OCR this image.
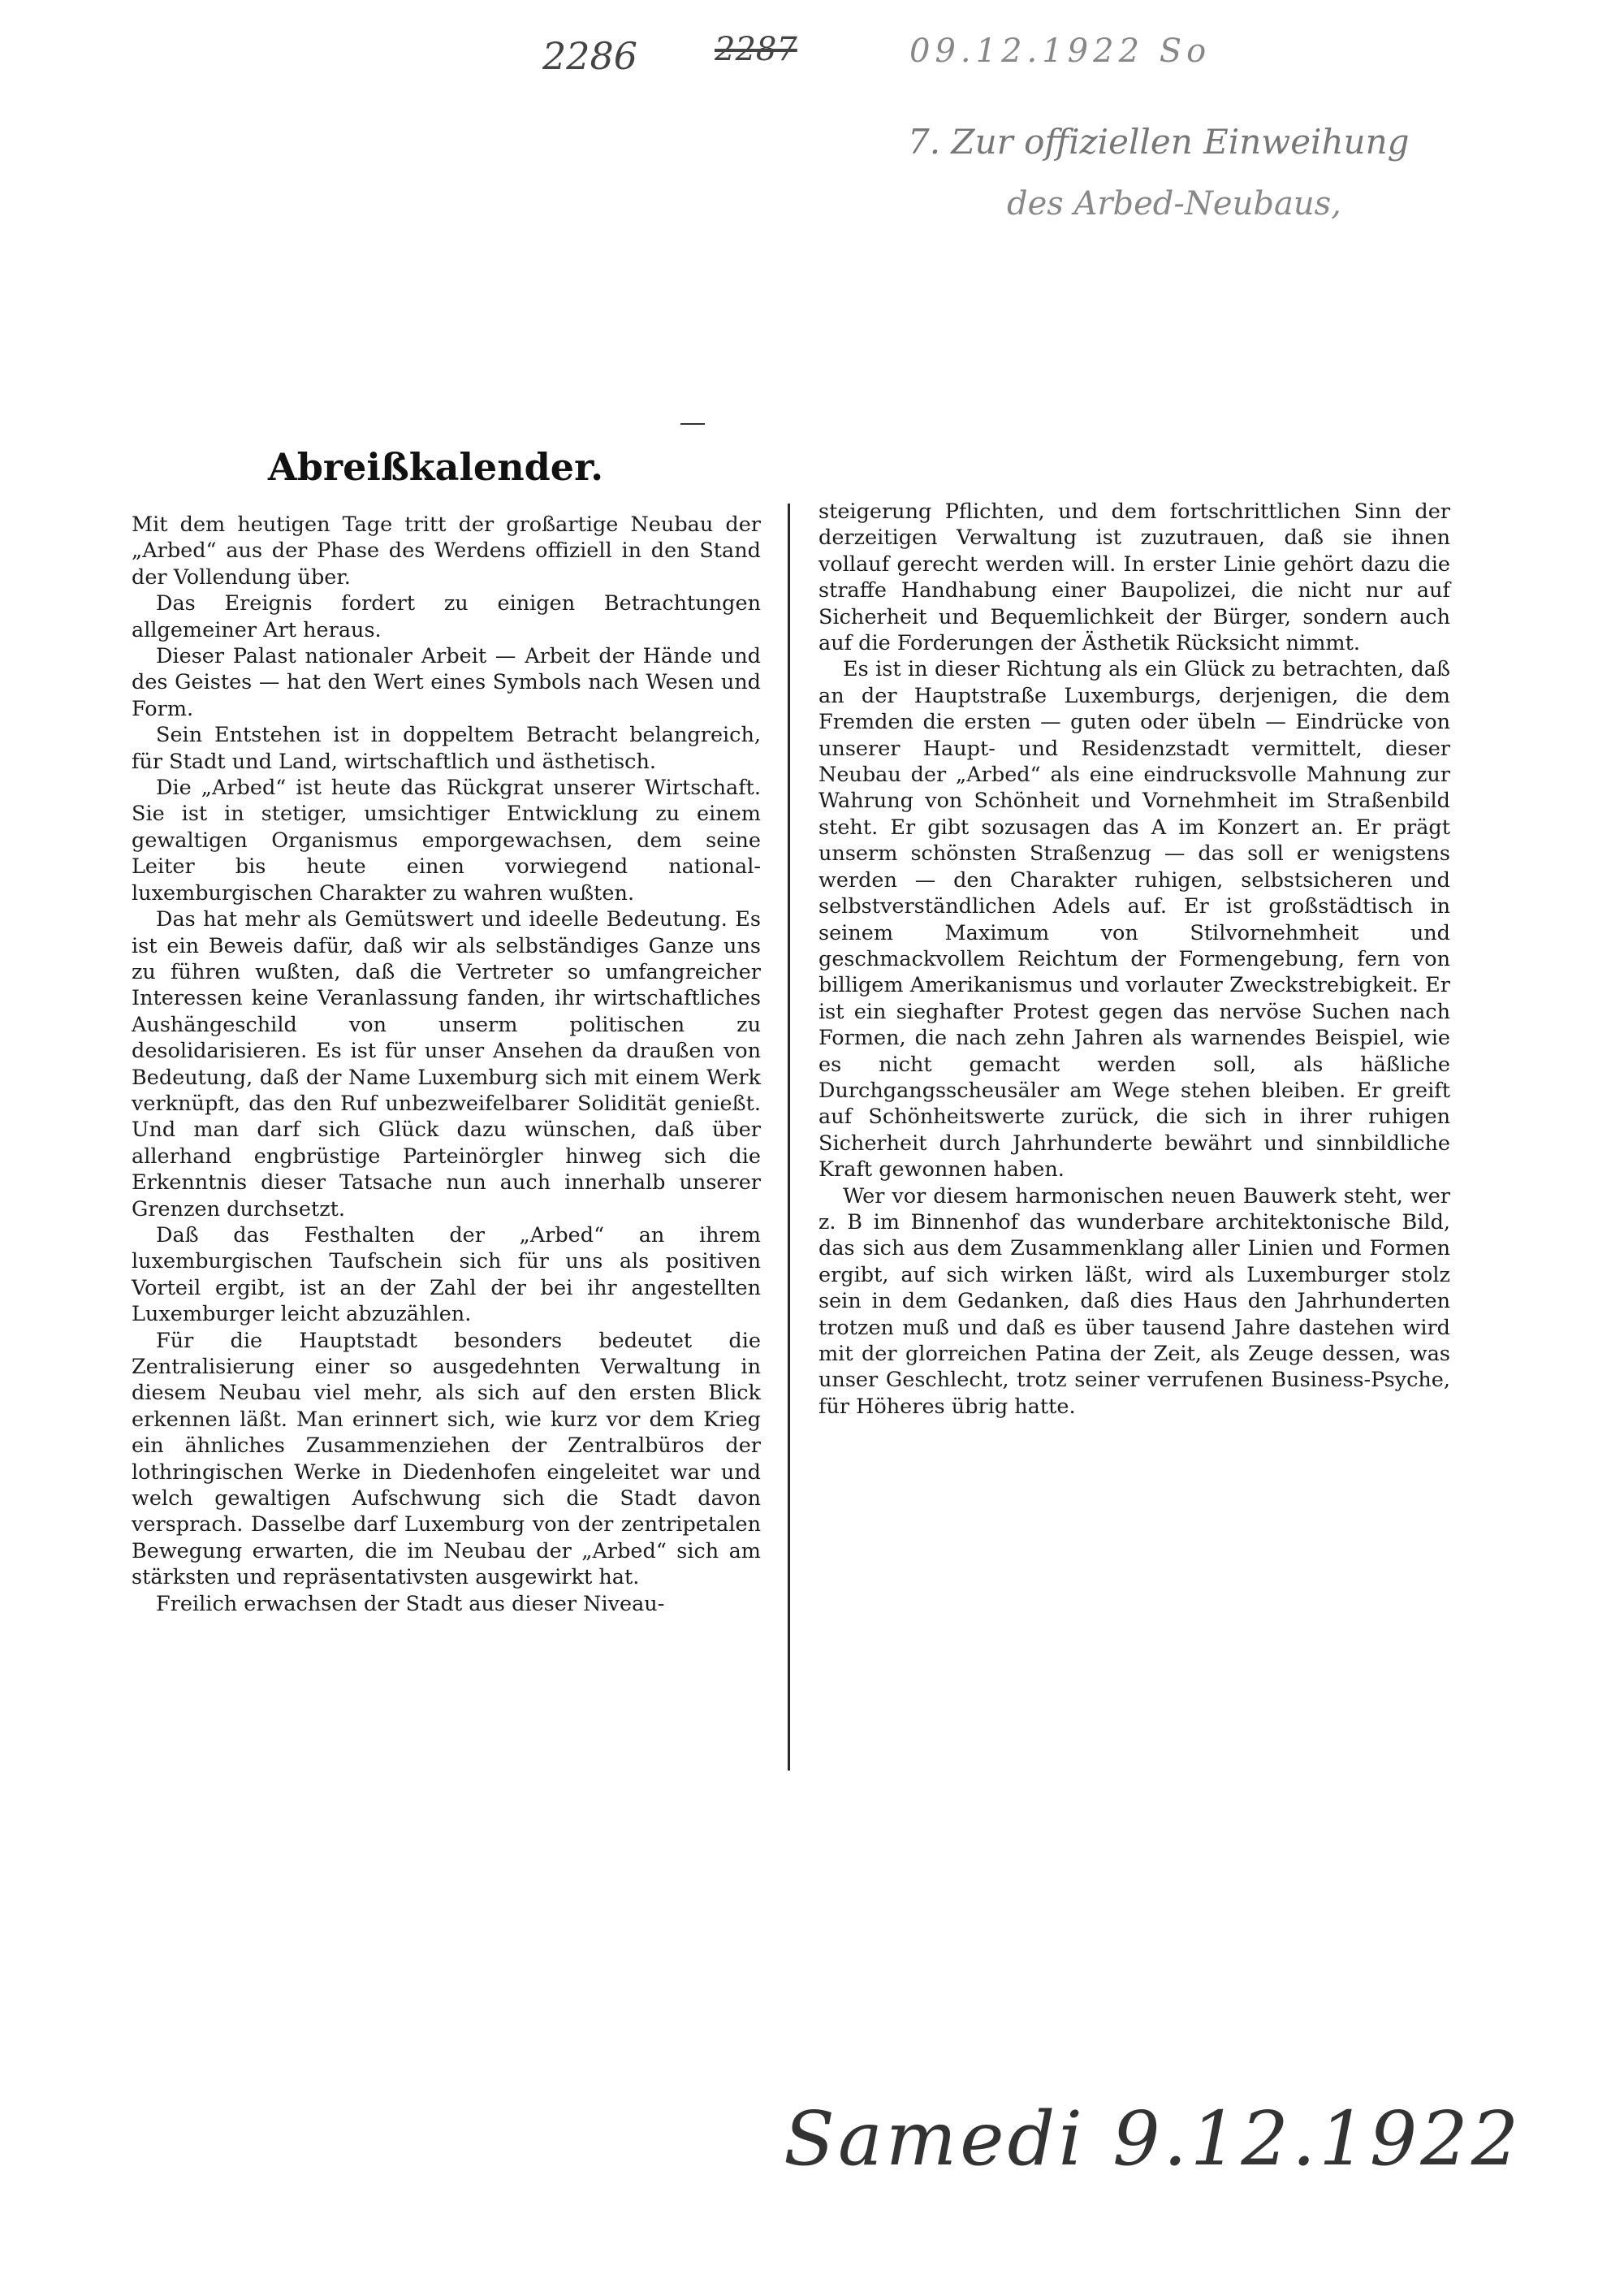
2286 2287	09.12.1922 So
7. Zur offiziellen Einweihung
des Arbed-Neubaus,
Abreißkalender.

Mit dem heutigen Tage tritt der großartige Neubau der „Arbed“ aus der Phase des Werdens offiziell in den Stand der Vollendung über.

Das Ereignis fordert zu einigen Betrachtungen allgemeiner Art heraus.

Dieser Palast nationaler Arbeit — Arbeit der Hände und des Geistes — hat den Wert eines Symbols nach Wesen und Form.

Sein Entstehen ist in doppeltem Betracht belangreich, für Stadt und Land, wirtschaftlich und ästhetisch.

Die „Arbed“ ist heute das Rückgrat unserer Wirtschaft. Sie ist in stetiger, umsichtiger Entwicklung zu einem gewaltigen Organismus emporgewachsen, dem seine Leiter bis heute einen vorwiegend national-luxemburgischen Charakter zu wahren wußten.

Das hat mehr als Gemütswert und ideelle Bedeutung. Es ist ein Beweis dafür, daß wir als selbständiges Ganze uns zu führen wußten, daß die Vertreter so umfangreicher Interessen keine Veranlassung fanden, ihr wirtschaftliches Aushängeschild von unserm politischen zu desolidarisieren. Es ist für unser Ansehen da draußen von Bedeutung, daß der Name Luxemburg sich mit einem Werk verknüpft, das den Ruf unbezweifelbarer Solidität genießt. Und man darf sich Glück dazu wünschen, daß über allerhand engbrüstige Parteinörgler hinweg sich die Erkenntnis dieser Tatsache nun auch innerhalb unserer Grenzen durchsetzt.

Daß das Festhalten der „Arbed“ an ihrem luxemburgischen Taufschein sich für uns als positiven Vorteil ergibt, ist an der Zahl der bei ihr angestellten Luxemburger leicht abzuzählen.

Für die Hauptstadt besonders bedeutet die Zentralisierung einer so ausgedehnten Verwaltung in diesem Neubau viel mehr, als sich auf den ersten Blick erkennen läßt. Man erinnert sich, wie kurz vor dem Krieg ein ähnliches Zusammenziehen der Zentralbüros der lothringischen Werke in Diedenhofen eingeleitet war und welch gewaltigen Aufschwung sich die Stadt davon versprach. Dasselbe darf Luxemburg von der zentripetalen Bewegung erwarten, die im Neubau der „Arbed“ sich am stärksten und repräsentativsten ausgewirkt hat.

Freilich erwachsen der Stadt aus dieser Niveau-

steigerung Pflichten, und dem fortschrittlichen Sinn der derzeitigen Verwaltung ist zuzutrauen, daß sie ihnen vollauf gerecht werden will. In erster Linie gehört dazu die straffe Handhabung einer Baupolizei, die nicht nur auf Sicherheit und Bequemlichkeit der Bürger, sondern auch auf die Forderungen der Ästhetik Rücksicht nimmt.

Es ist in dieser Richtung als ein Glück zu betrachten, daß an der Hauptstraße Luxemburgs, derjenigen, die dem Fremden die ersten — guten oder übeln — Eindrücke von unserer Haupt- und Residenzstadt vermittelt, dieser Neubau der „Arbed“ als eine eindrucksvolle Mahnung zur Wahrung von Schönheit und Vornehmheit im Straßenbild steht. Er gibt sozusagen das A im Konzert an. Er prägt unserm schönsten Straßenzug — das soll er wenigstens werden — den Charakter ruhigen, selbstsicheren und selbstverständlichen Adels auf. Er ist großstädtisch in seinem Maximum von Stilvornehmheit und geschmackvollem Reichtum der Formengebung, fern von billigem Amerikanismus und vorlauter Zweckstrebigkeit. Er ist ein sieghafter Protest gegen das nervöse Suchen nach Formen, die nach zehn Jahren als warnendes Beispiel, wie es nicht gemacht werden soll, als häßliche Durchgangsscheusäler am Wege stehen bleiben. Er greift auf Schönheitswerte zurück, die sich in ihrer ruhigen Sicherheit durch Jahrhunderte bewährt und sinnbildliche Kraft gewonnen haben.

Wer vor diesem harmonischen neuen Bauwerk steht, wer z. B im Binnenhof das wunderbare architektonische Bild, das sich aus dem Zusammenklang aller Linien und Formen ergibt, auf sich wirken läßt, wird als Luxemburger stolz sein in dem Gedanken, daß dies Haus den Jahrhunderten trotzen muß und daß es über tausend Jahre dastehen wird mit der glorreichen Patina der Zeit, als Zeuge dessen, was unser Geschlecht, trotz seiner verrufenen Business-Psyche, für Höheres übrig hatte.

Samedi 9.12.1922
